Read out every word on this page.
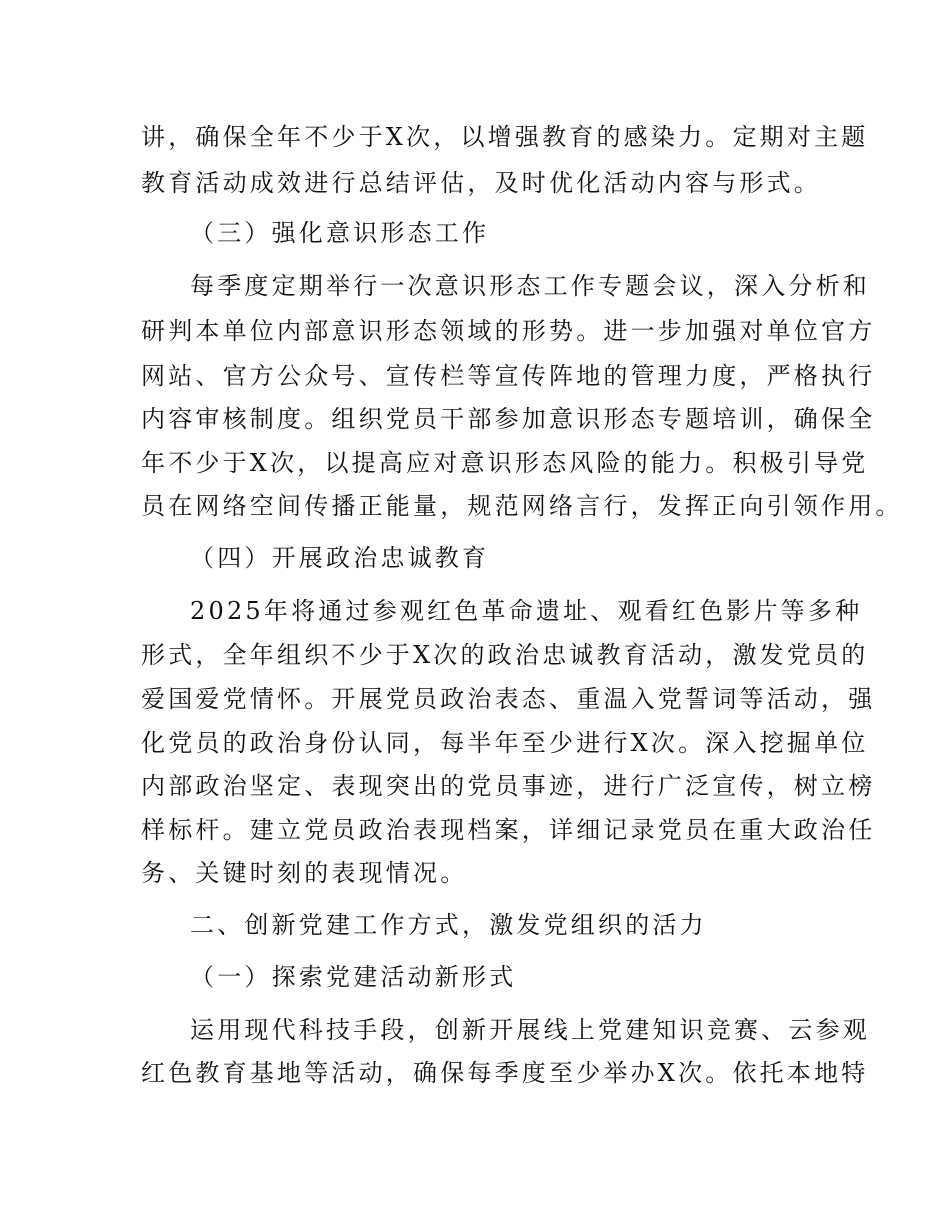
讲，确保全年不少于X次，以增强教育的感染力。定期对主题
教育活动成效进行总结评估，及时优化活动内容与形式。
（三）强化意识形态工作
每季度定期举行一次意识形态工作专题会议，深入分析和
研判本单位内部意识形态领域的形势。进一步加强对单位官方
网站、官方公众号、宣传栏等宣传阵地的管理力度，严格执行
内容审核制度。组织党员干部参加意识形态专题培训，确保全
年不少于X次，以提高应对意识形态风险的能力。积极引导党
员在网络空间传播正能量，规范网络言行，发挥正向引领作用。
（四）开展政治忠诚教育
2025年将通过参观红色革命遗址、观看红色影片等多种
形式，全年组织不少于X次的政治忠诚教育活动，激发党员的
爱国爱党情怀。开展党员政治表态、重温入党誓词等活动，强
化党员的政治身份认同，每半年至少进行X次。深入挖掘单位
内部政治坚定、表现突出的党员事迹，进行广泛宣传，树立榜
样标杆。建立党员政治表现档案，详细记录党员在重大政治任
务、关键时刻的表现情况。
二、创新党建工作方式，激发党组织的活力
（一）探索党建活动新形式
运用现代科技手段，创新开展线上党建知识竞赛、云参观
红色教育基地等活动，确保每季度至少举办X次。依托本地特
